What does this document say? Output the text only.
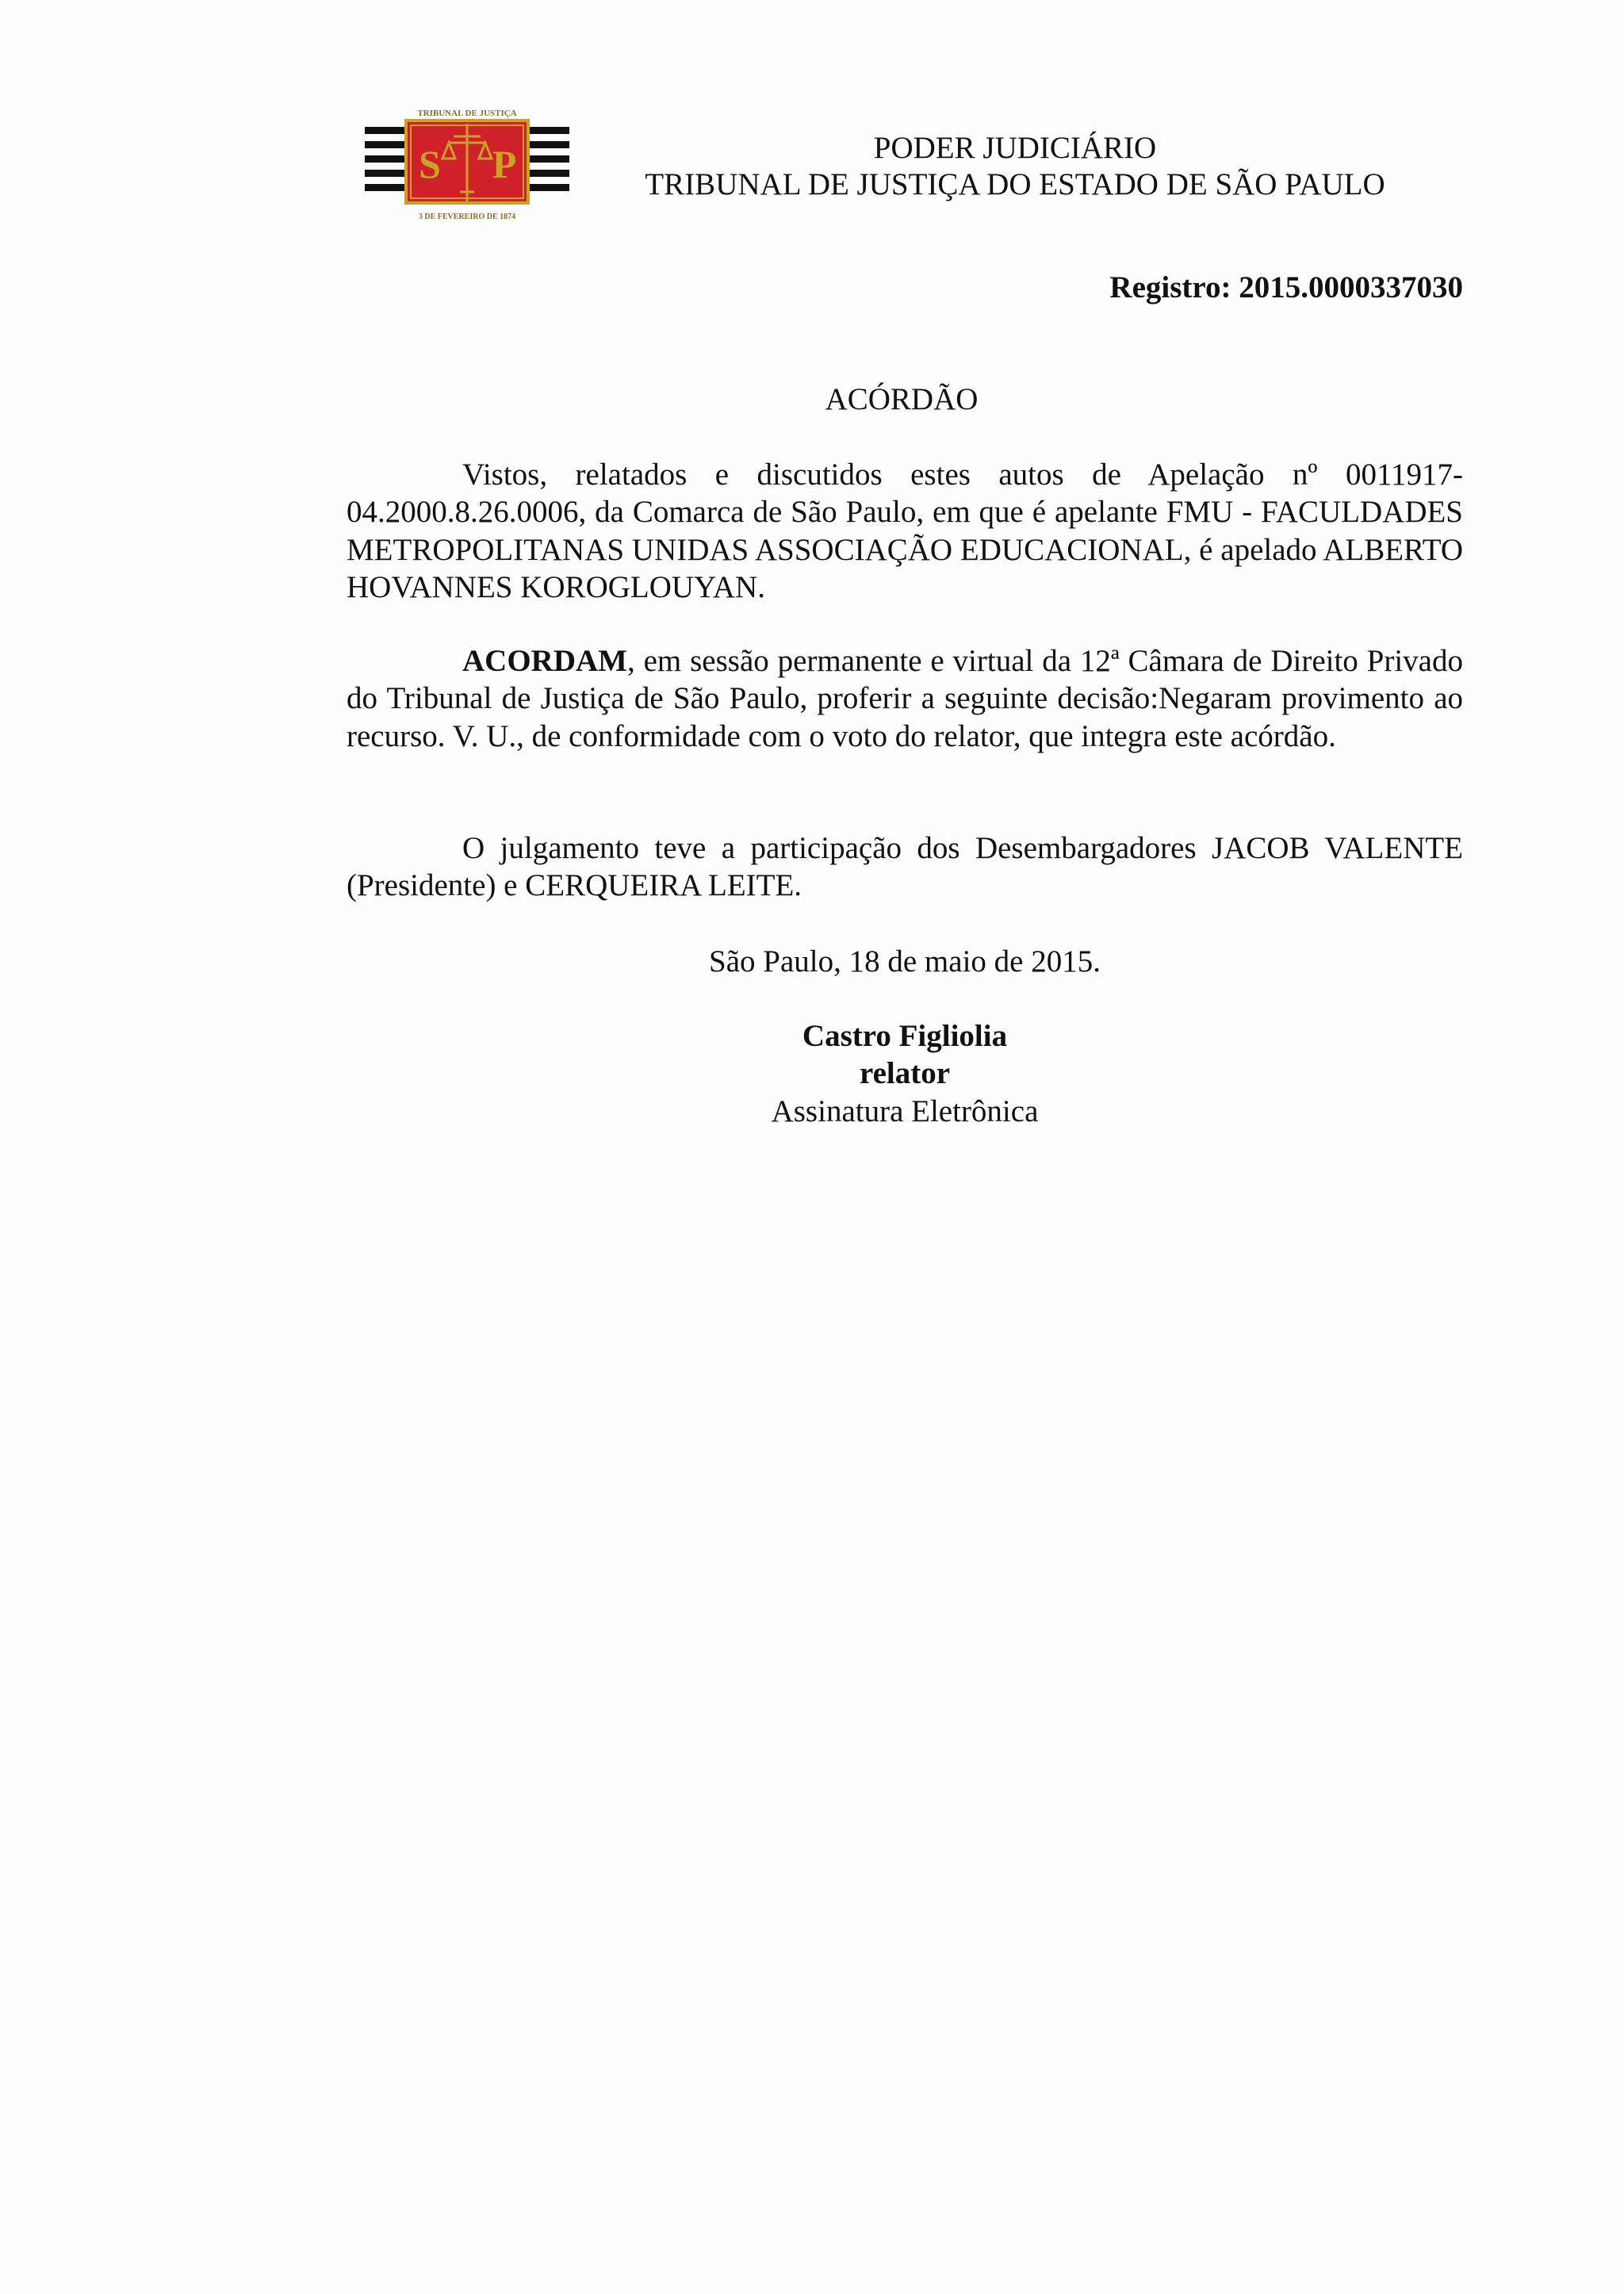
TRIBUNAL DE JUSTIÇA
S P
3 DE FEVEREIRO DE 1874
PODER JUDICIÁRIO
TRIBUNAL DE JUSTIÇA DO ESTADO DE SÃO PAULO
Registro: 2015.0000337030
ACÓRDÃO
Vistos, relatados e discutidos estes autos de Apelação nº 0011917-04.2000.8.26.0006, da Comarca de São Paulo, em que é apelante FMU - FACULDADES METROPOLITANAS UNIDAS ASSOCIAÇÃO EDUCACIONAL, é apelado ALBERTO HOVANNES KOROGLOUYAN.
ACORDAM, em sessão permanente e virtual da 12ª Câmara de Direito Privado do Tribunal de Justiça de São Paulo, proferir a seguinte decisão:Negaram provimento ao recurso. V. U., de conformidade com o voto do relator, que integra este acórdão.
O julgamento teve a participação dos Desembargadores JACOB VALENTE (Presidente) e CERQUEIRA LEITE.
São Paulo, 18 de maio de 2015.
Castro Figliolia
relator
Assinatura Eletrônica
